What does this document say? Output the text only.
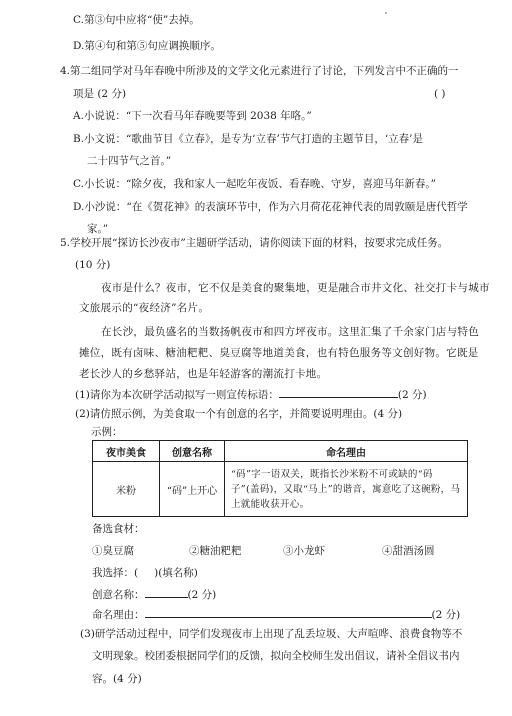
C.第③句中应将“使”去掉。
D.第④句和第⑤句应调换顺序。
4.第二组同学对马年春晚中所涉及的文学文化元素进行了讨论，下列发言中不正确的一
项是 (2 分)	( )
A.小说说：“下一次看马年春晚要等到 2038 年咯。”
B.小文说：“歌曲节目《立春》，是专为‘立春’节气打造的主题节目，‘立春’是
二十四节气之首。”
C.小长说：“除夕夜，我和家人一起吃年夜饭、看春晚、守岁，喜迎马年新春。”
D.小沙说：“在《贺花神》的表演环节中，作为六月荷花花神代表的周敦颐是唐代哲学
家。”
5.学校开展“探访长沙夜市”主题研学活动，请你阅读下面的材料，按要求完成任务。
(10 分)
夜市是什么？夜市，它不仅是美食的聚集地，更是融合市井文化、社交打卡与城市
文旅展示的“夜经济”名片。
在长沙，最负盛名的当数扬帆夜市和四方坪夜市。这里汇集了千余家门店与特色
摊位，既有卤味、糖油粑粑、臭豆腐等地道美食，也有特色服务等文创好物。它既是
老长沙人的乡愁驿站，也是年轻游客的潮流打卡地。
(1)请你为本次研学活动拟写一则宣传标语：	(2 分)
(2)请仿照示例，为美食取一个有创意的名字，并简要说明理由。(4 分)
示例：
夜市美食	创意名称	命名理由
米粉	“码”上开心	“码”字一语双关，既指长沙米粉不可或缺的“码子”(盖码)，又取“马上”的谐音，寓意吃了这碗粉，马上就能收获开心。
备选食材：
①臭豆腐	②糖油粑粑	③小龙虾	④甜酒汤圆
我选择：( )(填名称)
创意名称：	(2 分)
命名理由：	(2 分)
(3)研学活动过程中，同学们发现夜市上出现了乱丢垃圾、大声喧哗、浪费食物等不
文明现象。校团委根据同学们的反馈，拟向全校师生发出倡议，请补全倡议书内
容。(4 分)
